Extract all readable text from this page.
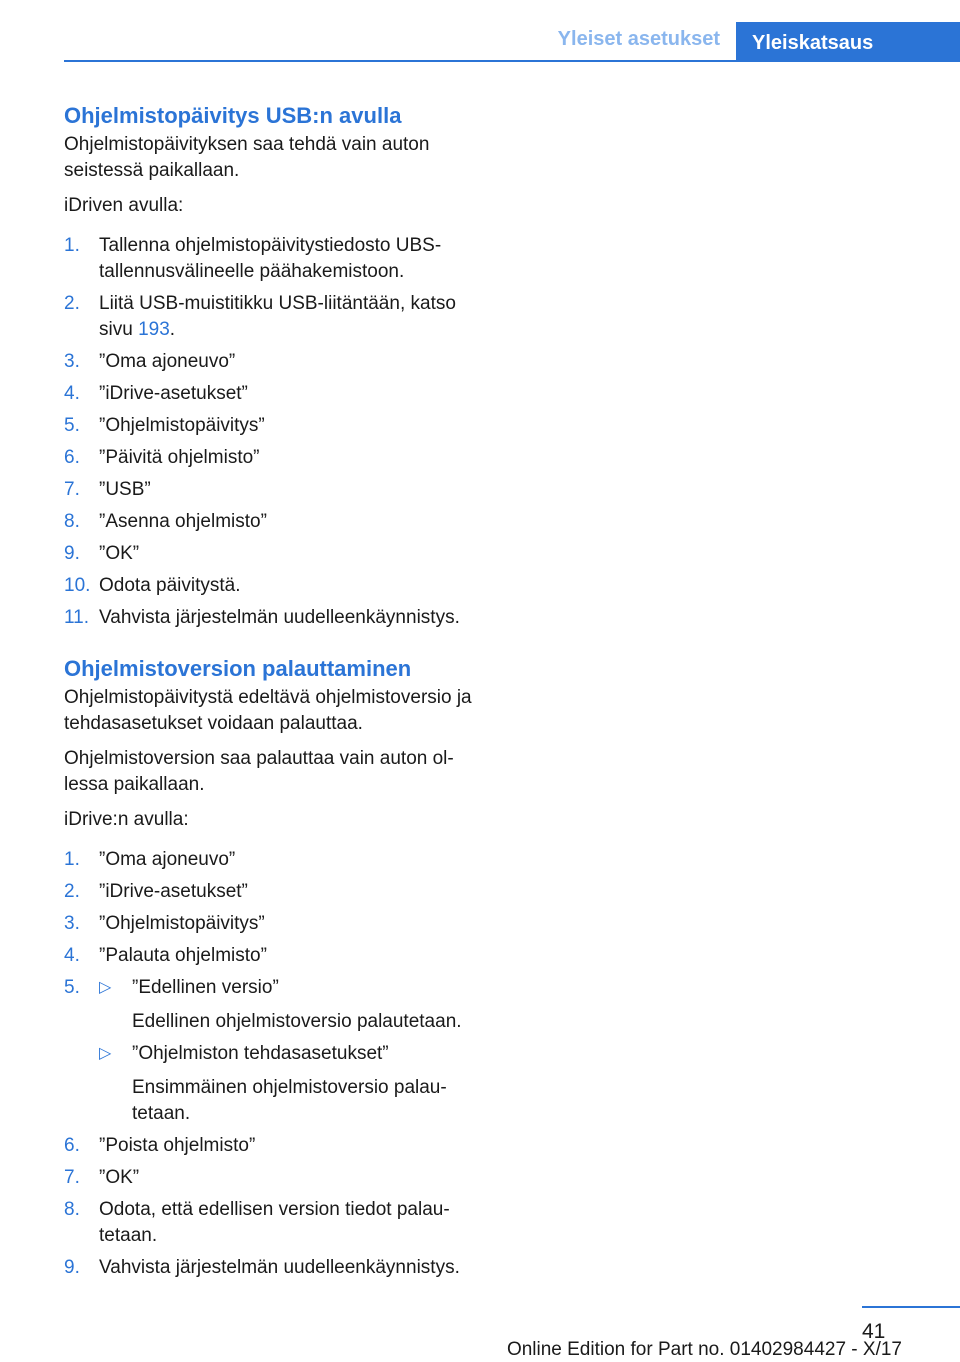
Yleiset asetukset	Yleiskatsaus
Ohjelmistopäivitys USB:n avulla

Ohjelmistopäivityksen saa tehdä vain auton seistessä paikallaan.

iDriven avulla:

1. Tallenna ohjelmistopäivitystiedosto UBS-tallennusvälineelle päähakemistoon.
2. Liitä USB-muistitikku USB-liitäntään, katso sivu 193.
3. ”Oma ajoneuvo”
4. ”iDrive-asetukset”
5. ”Ohjelmistopäivitys”
6. ”Päivitä ohjelmisto”
7. ”USB”
8. ”Asenna ohjelmisto”
9. ”OK”
10. Odota päivitystä.
11. Vahvista järjestelmän uudelleenkäynnistys.
Ohjelmistoversion palauttaminen

Ohjelmistopäivitystä edeltävä ohjelmistoversio ja tehdasasetukset voidaan palauttaa.

Ohjelmistoversion saa palauttaa vain auton ol-lessa paikallaan.

iDrive:n avulla:

1. ”Oma ajoneuvo”
2. ”iDrive-asetukset”
3. ”Ohjelmistopäivitys”
4. ”Palauta ohjelmisto”
5. ▷ ”Edellinen versio”
Edellinen ohjelmistoversio palautetaan.
▷ ”Ohjelmiston tehdasasetukset”
Ensimmäinen ohjelmistoversio palau-tetaan.
6. ”Poista ohjelmisto”
7. ”OK”
8. Odota, että edellisen version tiedot palau-tetaan.
9. Vahvista järjestelmän uudelleenkäynnistys.
41
Online Edition for Part no. 01402984427 - X/17
